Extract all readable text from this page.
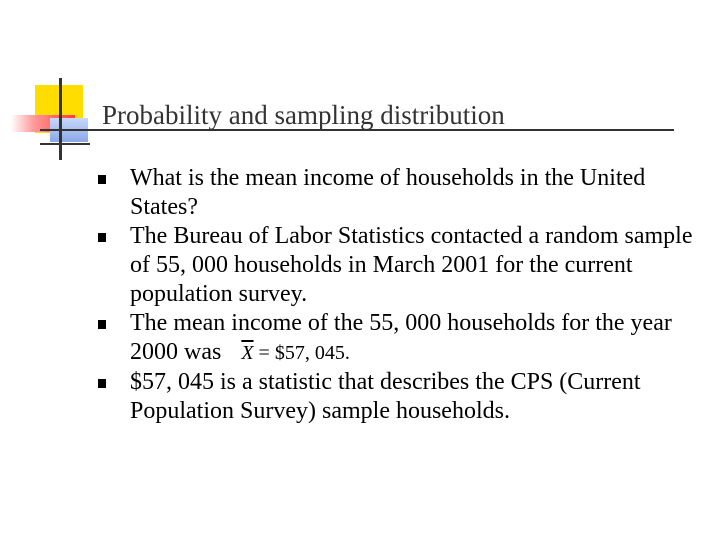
Probability and sampling distribution
What is the mean income of households in the United States?
The Bureau of Labor Statistics contacted a random sample of 55, 000 households in March 2001 for the current population survey.
The mean income of the 55, 000 households for the year 2000 was $\overline{X}$ = $57, 045.
$57, 045 is a statistic that describes the CPS (Current Population Survey) sample households.
